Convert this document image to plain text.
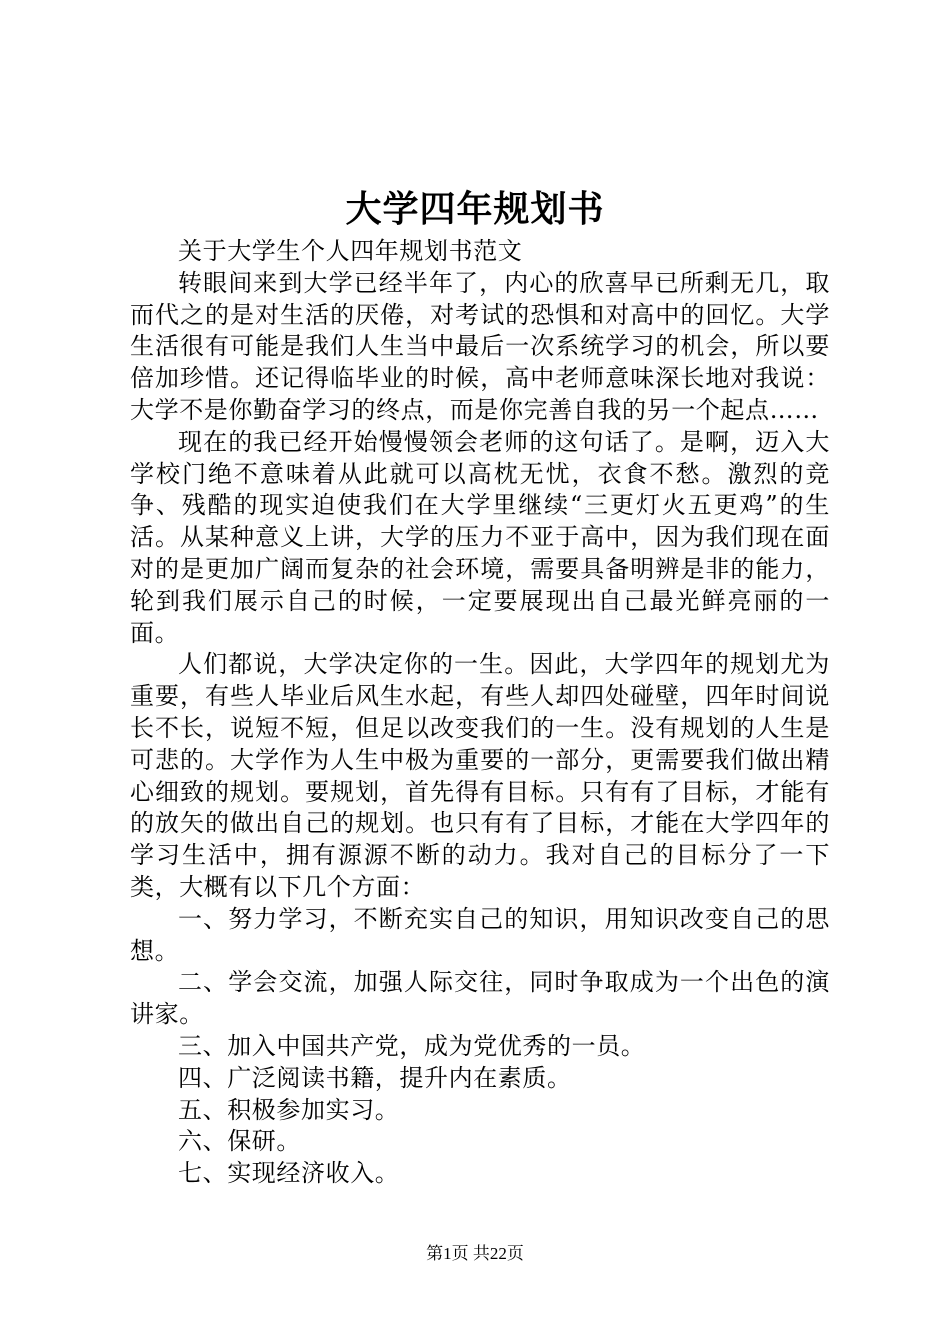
大学四年规划书

关于大学生个人四年规划书范文

转眼间来到大学已经半年了，内心的欣喜早已所剩无几，取而代之的是对生活的厌倦，对考试的恐惧和对高中的回忆。大学生活很有可能是我们人生当中最后一次系统学习的机会，所以要倍加珍惜。还记得临毕业的时候，高中老师意味深长地对我说：大学不是你勤奋学习的终点，而是你完善自我的另一个起点……

现在的我已经开始慢慢领会老师的这句话了。是啊，迈入大学校门绝不意味着从此就可以高枕无忧，衣食不愁。激烈的竞争、残酷的现实迫使我们在大学里继续“三更灯火五更鸡”的生活。从某种意义上讲，大学的压力不亚于高中，因为我们现在面对的是更加广阔而复杂的社会环境，需要具备明辨是非的能力，轮到我们展示自己的时候，一定要展现出自己最光鲜亮丽的一面。

人们都说，大学决定你的一生。因此，大学四年的规划尤为重要，有些人毕业后风生水起，有些人却四处碰壁，四年时间说长不长，说短不短，但足以改变我们的一生。没有规划的人生是可悲的。大学作为人生中极为重要的一部分，更需要我们做出精心细致的规划。要规划，首先得有目标。只有有了目标，才能有的放矢的做出自己的规划。也只有有了目标，才能在大学四年的学习生活中，拥有源源不断的动力。我对自己的目标分了一下类，大概有以下几个方面：

一、努力学习，不断充实自己的知识，用知识改变自己的思想。

二、学会交流，加强人际交往，同时争取成为一个出色的演讲家。

三、加入中国共产党，成为党优秀的一员。

四、广泛阅读书籍，提升内在素质。

五、积极参加实习。

六、保研。

七、实现经济收入。

第1页 共22页
